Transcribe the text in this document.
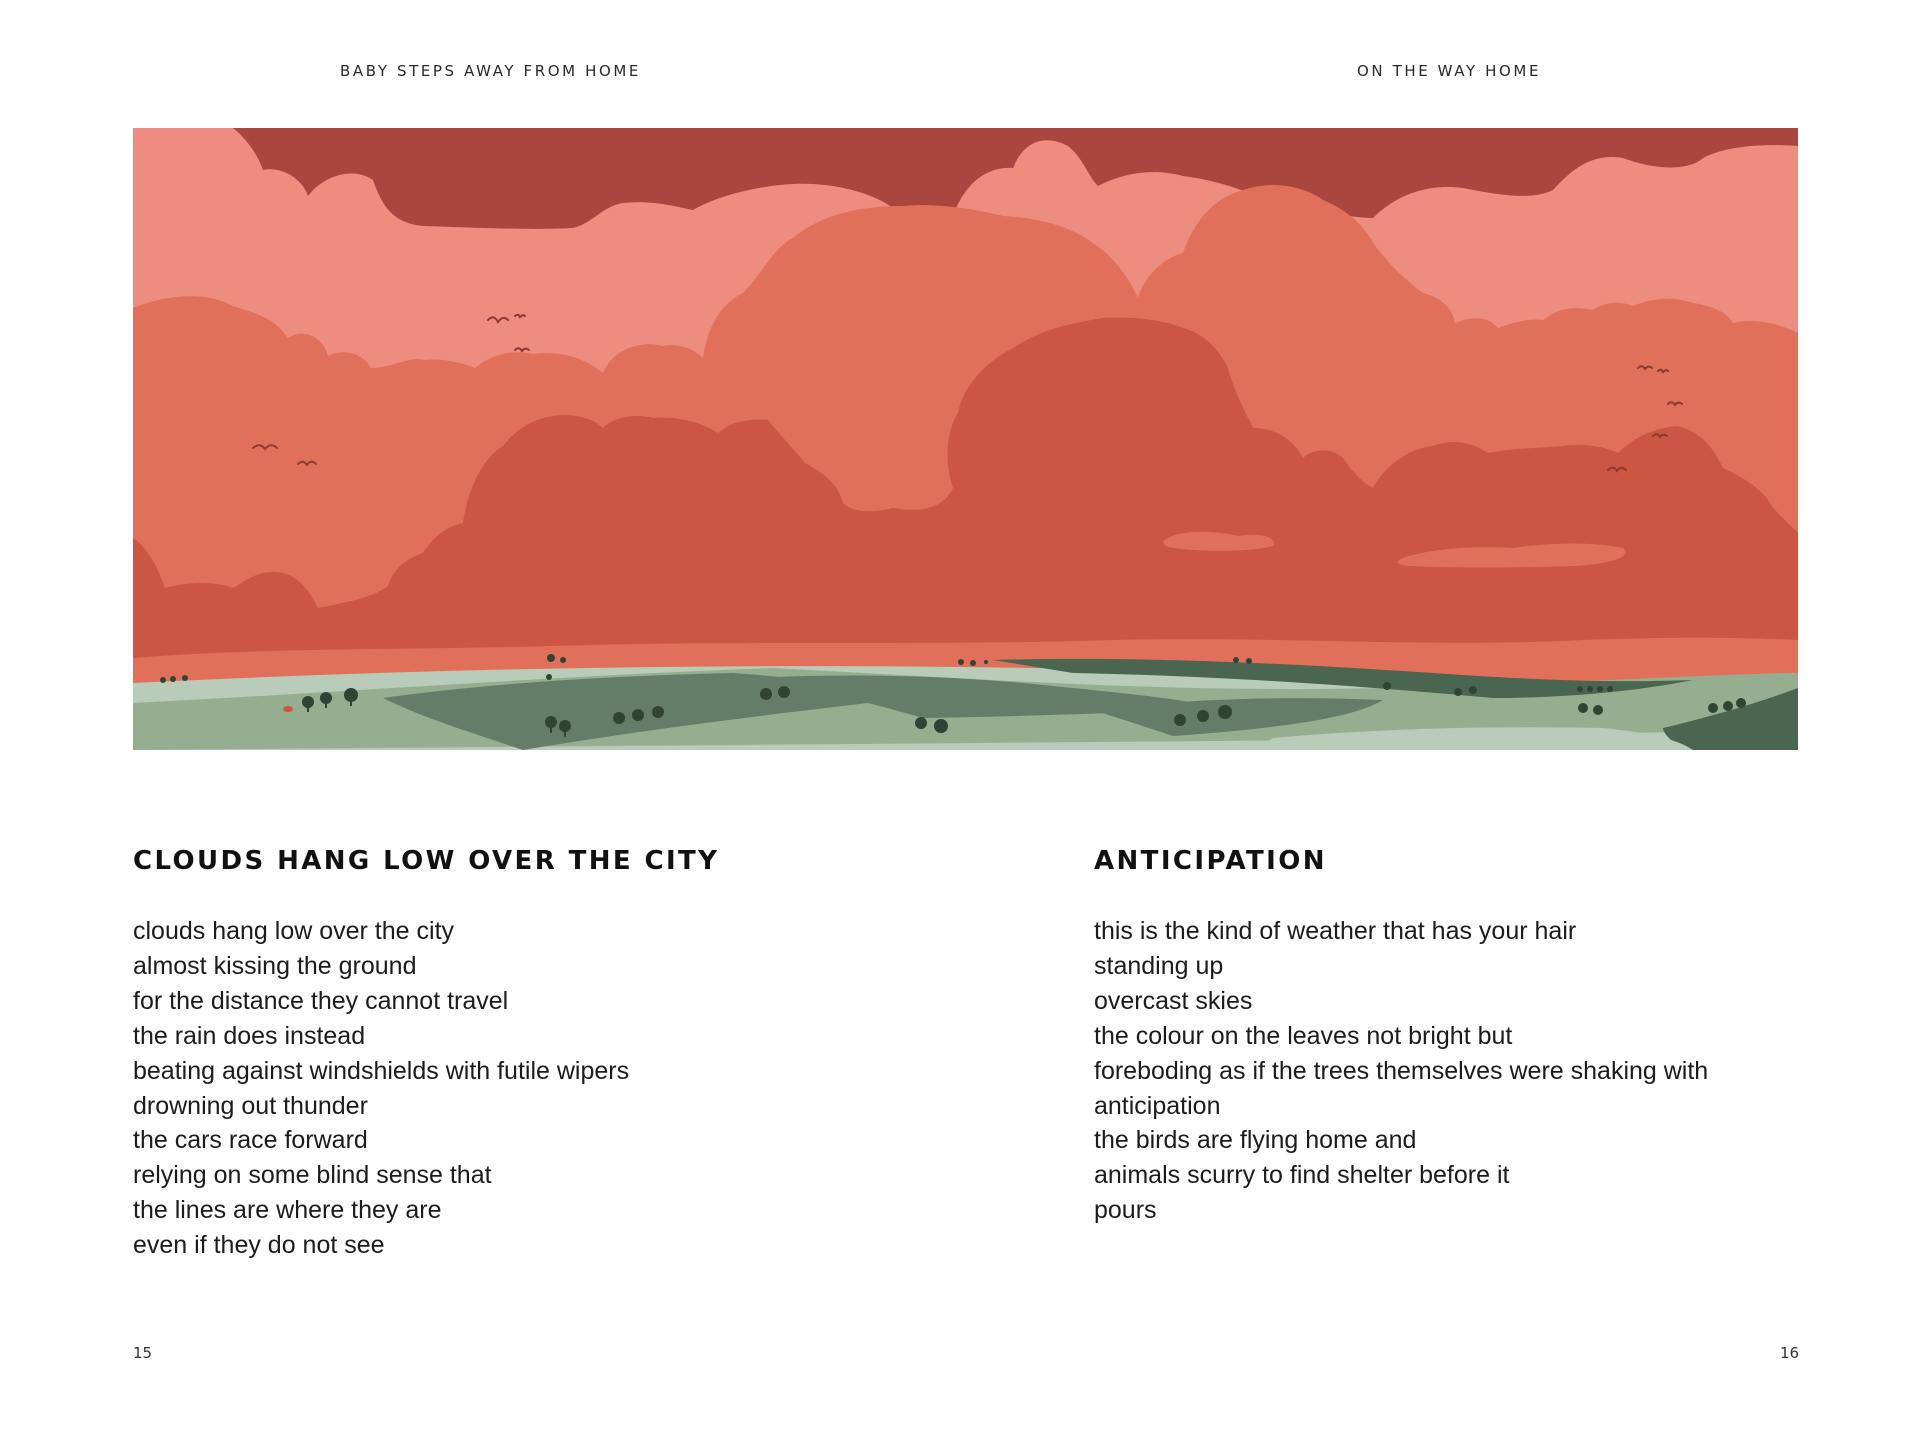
BABY STEPS AWAY FROM HOME	ON THE WAY HOME
CLOUDS HANG LOW OVER THE CITY	ANTICIPATION
clouds hang low over the city
almost kissing the ground
for the distance they cannot travel
the rain does instead
beating against windshields with futile wipers
drowning out thunder
the cars race forward
relying on some blind sense that
the lines are where they are
even if they do not see
this is the kind of weather that has your hair
standing up
overcast skies
the colour on the leaves not bright but
foreboding as if the trees themselves were shaking with
anticipation
the birds are flying home and
animals scurry to find shelter before it
pours
15	16
